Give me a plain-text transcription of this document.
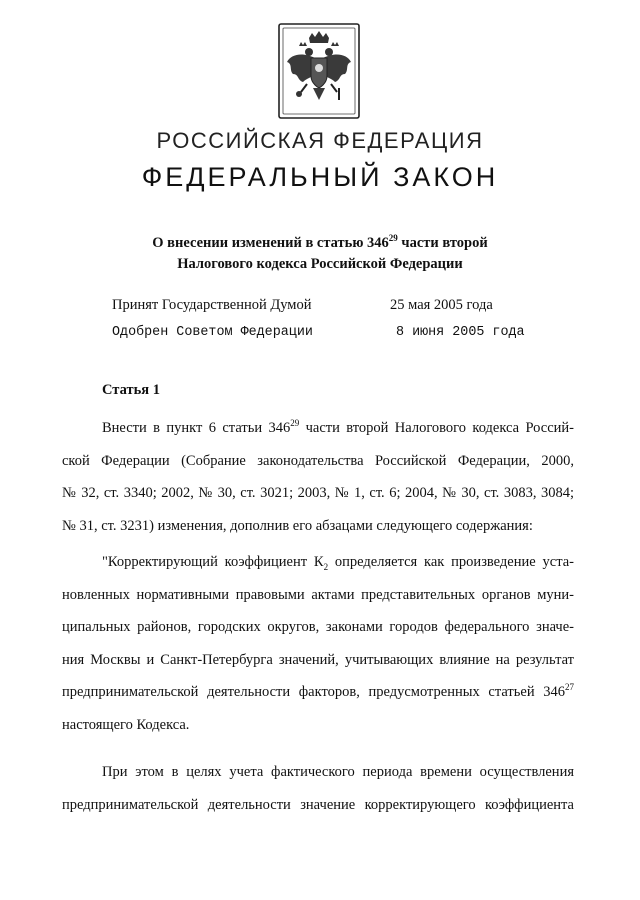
РОССИЙСКАЯ ФЕДЕРАЦИЯ
ФЕДЕРАЛЬНЫЙ ЗАКОН
О внесении изменений в статью $346^{29}$ части второй
Налогового кодекса Российской Федерации
Принят Государственной Думой	25 мая 2005 года
Одобрен Советом Федерации	8 июня 2005 года
Статья 1
Внести в пункт 6 статьи $346^{29}$ части второй Налогового кодекса Россий-
ской Федерации (Собрание законодательства Российской Федерации, 2000,
№ 32, ст. 3340; 2002, № 30, ст. 3021; 2003, № 1, ст. 6; 2004, № 30, ст. 3083, 3084;
№ 31, ст. 3231) изменения, дополнив его абзацами следующего содержания:
"Корректирующий коэффициент $К_2$ определяется как произведение уста-
новленных нормативными правовыми актами представительных органов муни-
ципальных районов, городских округов, законами городов федерального значе-
ния Москвы и Санкт-Петербурга значений, учитывающих влияние на результат
предпринимательской деятельности факторов, предусмотренных статьей $346^{27}$
настоящего Кодекса.
При этом в целях учета фактического периода времени осуществления
предпринимательской деятельности значение корректирующего коэффициента
